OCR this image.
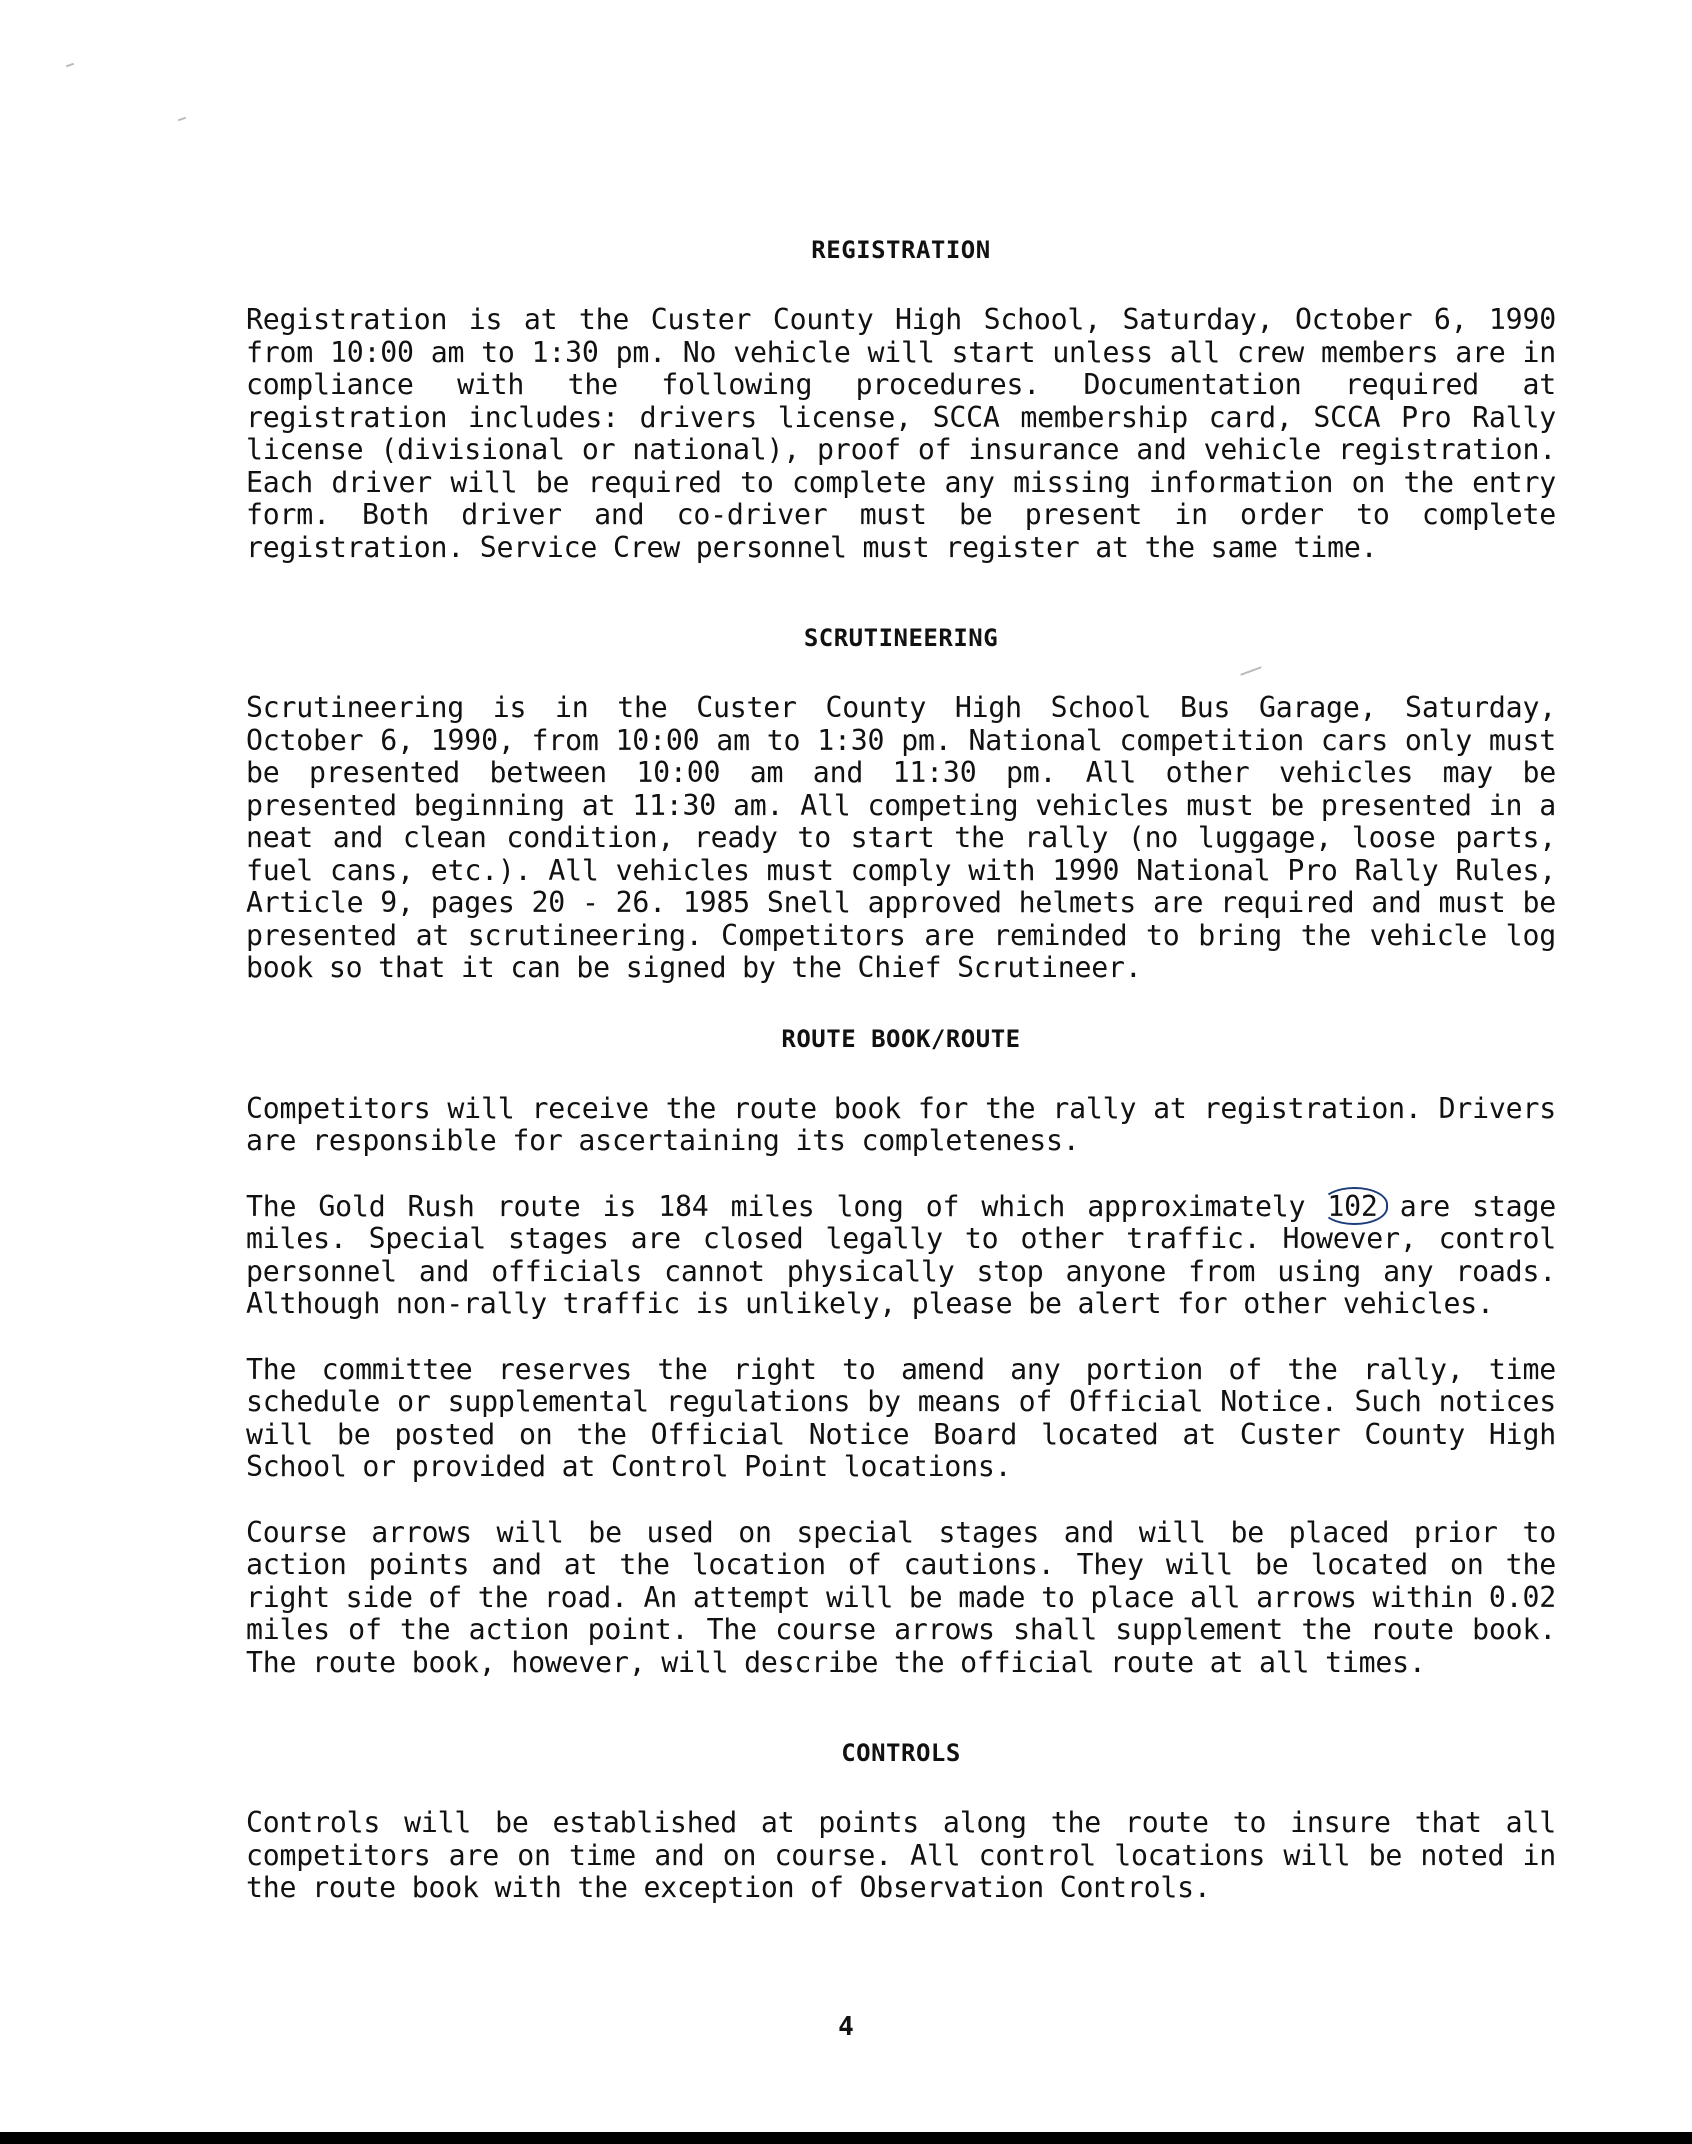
REGISTRATION

Registration is at the Custer County High School, Saturday, October 6, 1990 from 10:00 am to 1:30 pm. No vehicle will start unless all crew members are in compliance with the following procedures. Documentation required at registration includes: drivers license, SCCA membership card, SCCA Pro Rally license (divisional or national), proof of insurance and vehicle registration. Each driver will be required to complete any missing information on the entry form. Both driver and co-driver must be present in order to complete registration. Service Crew personnel must register at the same time.

SCRUTINEERING

Scrutineering is in the Custer County High School Bus Garage, Saturday, October 6, 1990, from 10:00 am to 1:30 pm. National competition cars only must be presented between 10:00 am and 11:30 pm. All other vehicles may be presented beginning at 11:30 am. All competing vehicles must be presented in a neat and clean condition, ready to start the rally (no luggage, loose parts, fuel cans, etc.). All vehicles must comply with 1990 National Pro Rally Rules, Article 9, pages 20 - 26. 1985 Snell approved helmets are required and must be presented at scrutineering. Competitors are reminded to bring the vehicle log book so that it can be signed by the Chief Scrutineer.

ROUTE BOOK/ROUTE

Competitors will receive the route book for the rally at registration. Drivers are responsible for ascertaining its completeness.

The Gold Rush route is 184 miles long of which approximately 102 are stage miles. Special stages are closed legally to other traffic. However, control personnel and officials cannot physically stop anyone from using any roads. Although non-rally traffic is unlikely, please be alert for other vehicles.

The committee reserves the right to amend any portion of the rally, time schedule or supplemental regulations by means of Official Notice. Such notices will be posted on the Official Notice Board located at Custer County High School or provided at Control Point locations.

Course arrows will be used on special stages and will be placed prior to action points and at the location of cautions. They will be located on the right side of the road. An attempt will be made to place all arrows within 0.02 miles of the action point. The course arrows shall supplement the route book. The route book, however, will describe the official route at all times.

CONTROLS

Controls will be established at points along the route to insure that all competitors are on time and on course. All control locations will be noted in the route book with the exception of Observation Controls.

4
